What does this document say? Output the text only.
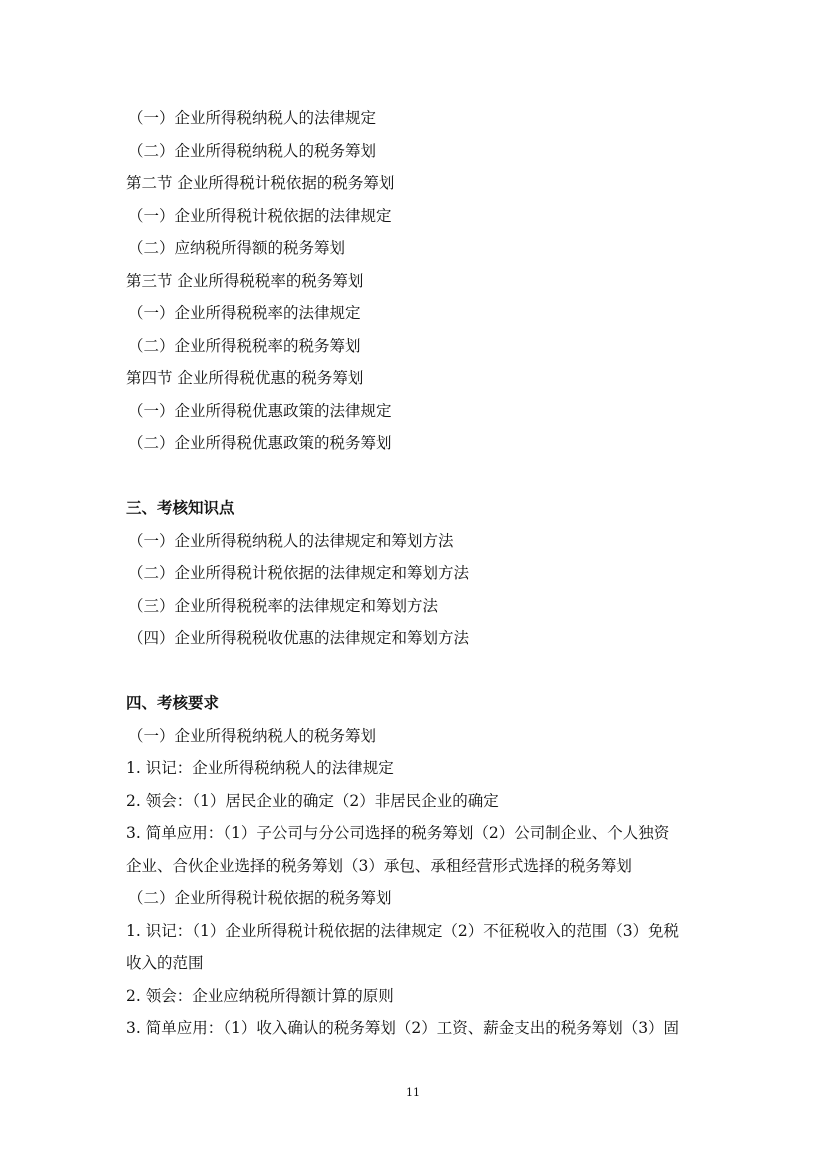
（一）企业所得税纳税人的法律规定
（二）企业所得税纳税人的税务筹划
第二节 企业所得税计税依据的税务筹划
（一）企业所得税计税依据的法律规定
（二）应纳税所得额的税务筹划
第三节 企业所得税税率的税务筹划
（一）企业所得税税率的法律规定
（二）企业所得税税率的税务筹划
第四节 企业所得税优惠的税务筹划
（一）企业所得税优惠政策的法律规定
（二）企业所得税优惠政策的税务筹划
三、考核知识点
（一）企业所得税纳税人的法律规定和筹划方法
（二）企业所得税计税依据的法律规定和筹划方法
（三）企业所得税税率的法律规定和筹划方法
（四）企业所得税税收优惠的法律规定和筹划方法
四、考核要求
（一）企业所得税纳税人的税务筹划
1. 识记：企业所得税纳税人的法律规定
2. 领会：（1）居民企业的确定（2）非居民企业的确定
3. 简单应用：（1）子公司与分公司选择的税务筹划（2）公司制企业、个人独资
企业、合伙企业选择的税务筹划（3）承包、承租经营形式选择的税务筹划
（二）企业所得税计税依据的税务筹划
1. 识记：（1）企业所得税计税依据的法律规定（2）不征税收入的范围（3）免税
收入的范围
2. 领会：企业应纳税所得额计算的原则
3. 简单应用：（1）收入确认的税务筹划（2）工资、薪金支出的税务筹划（3）固
11
